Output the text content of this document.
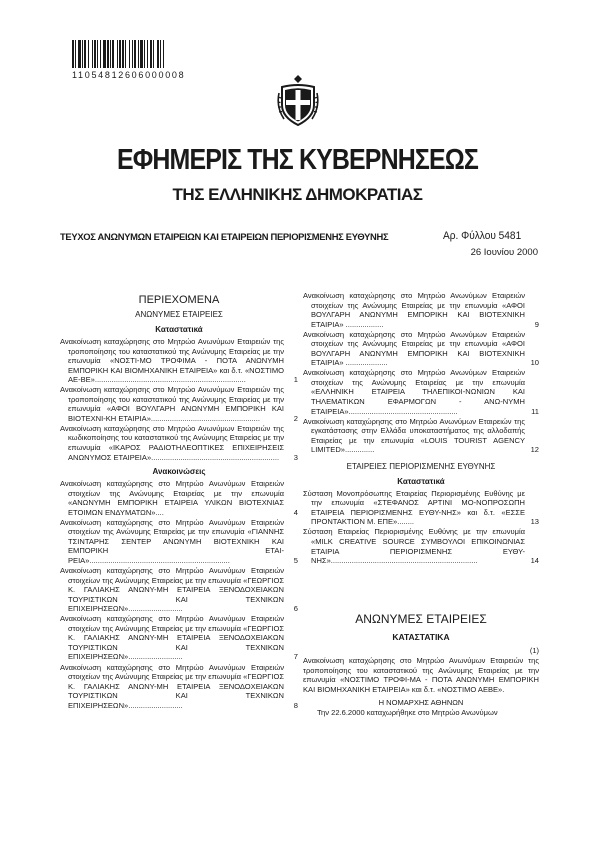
11054812606000008
ΕΦΗΜΕΡΙΣ ΤΗΣ ΚΥΒΕΡΝΗΣΕΩΣ
ΤΗΣ ΕΛΛΗΝΙΚΗΣ ΔΗΜΟΚΡΑΤΙΑΣ
ΤΕΥΧΟΣ ΑΝΩΝΥΜΩΝ ΕΤΑΙΡΕΙΩΝ ΚΑΙ ΕΤΑΙΡΕΙΩΝ ΠΕΡΙΟΡΙΣΜΕΝΗΣ ΕΥΘΥΝΗΣ	Αρ. Φύλλου 5481
26 Ιουνίου 2000
ΠΕΡΙΕΧΟΜΕΝΑ
ΑΝΩΝΥΜΕΣ ΕΤΑΙΡΕΙΕΣ
Καταστατικά
Ανακοίνωση καταχώρησης στο Μητρώο Ανωνύμων Εταιρειών της τροποποίησης του καταστατικού της Ανώνυμης Εταιρείας με την επωνυμία «ΝΟΣΤΙ-ΜΟ ΤΡΟΦΙΜΑ - ΠΟΤΑ ΑΝΩΝΥΜΗ ΕΜΠΟΡΙΚΗ ΚΑΙ ΒΙΟΜΗΧΑΝΙΚΗ ΕΤΑΙΡΕΙΑ» και δ.τ. «ΝΟΣΤΙΜΟ ΑΕ-ΒΕ»........................................................................	1
Ανακοίνωση καταχώρησης στο Μητρώο Ανωνύμων Εταιρειών της τροποποίησης του καταστατικού της Ανώνυμης Εταιρείας με την επωνυμία «ΑΦΟΙ ΒΟΥΛΓΑΡΗ ΑΝΩΝΥΜΗ ΕΜΠΟΡΙΚΗ ΚΑΙ ΒΙΟΤΕΧΝΙ-ΚΗ ΕΤΑΙΡΙΑ»....................................................	2
Ανακοίνωση καταχώρησης στο Μητρώο Ανωνύμων Εταιρειών της κωδικοποίησης του καταστατικού της Ανώνυμης Εταιρείας με την επωνυμία «ΙΚΑΡΟΣ ΡΑΔΙΟΤΗΛΕΟΠΤΙΚΕΣ ΕΠΙΧΕΙΡΗΣΕΙΣ ΑΝΩΝΥΜΟΣ ΕΤΑΙΡΕΙΑ».............................................................	3
Ανακοινώσεις
Ανακοίνωση καταχώρησης στο Μητρώο Ανωνύμων Εταιρειών στοιχείων της Ανώνυμης Εταιρείας με την επωνυμία «ΑΝΩΝΥΜΗ ΕΜΠΟΡΙΚΗ ΕΤΑΙΡΕΙΑ ΥΛΙΚΩΝ ΒΙΟΤΕΧΝΙΑΣ ΕΤΟΙΜΩΝ ΕΝΔΥΜΑΤΩΝ»....	4
Ανακοίνωση καταχώρησης στο Μητρώο Ανωνύμων Εταιρειών στοιχείων της Ανώνυμης Εταιρείας με την επωνυμία «ΓΙΑΝΝΗΣ ΤΣΙΝΤΑΡΗΣ ΣΕΝΤΕΡ ΑΝΩΝΥΜΗ ΒΙΟΤΕΧΝΙΚΗ ΚΑΙ ΕΜΠΟΡΙΚΗ ΕΤΑΙ-ΡΕΙΑ»...................................................................	5
Ανακοίνωση καταχώρησης στο Μητρώο Ανωνύμων Εταιρειών στοιχείων της Ανώνυμης Εταιρείας με την επωνυμία «ΓΕΩΡΓΙΟΣ Κ. ΓΑΛΙΑΚΗΣ ΑΝΩΝΥ-ΜΗ ΕΤΑΙΡΕΙΑ ΞΕΝΟΔΟΧΕΙΑΚΩΝ ΤΟΥΡΙΣΤΙΚΩΝ ΚΑΙ ΤΕΧΝΙΚΩΝ ΕΠΙΧΕΙΡΗΣΕΩΝ»..........................	6
Ανακοίνωση καταχώρησης στο Μητρώο Ανωνύμων Εταιρειών στοιχείων της Ανώνυμης Εταιρείας με την επωνυμία «ΓΕΩΡΓΙΟΣ Κ. ΓΑΛΙΑΚΗΣ ΑΝΩΝΥ-ΜΗ ΕΤΑΙΡΕΙΑ ΞΕΝΟΔΟΧΕΙΑΚΩΝ ΤΟΥΡΙΣΤΙΚΩΝ ΚΑΙ ΤΕΧΝΙΚΩΝ ΕΠΙΧΕΙΡΗΣΕΩΝ»..........................	7
Ανακοίνωση καταχώρησης στο Μητρώο Ανωνύμων Εταιρειών στοιχείων της Ανώνυμης Εταιρείας με την επωνυμία «ΓΕΩΡΓΙΟΣ Κ. ΓΑΛΙΑΚΗΣ ΑΝΩΝΥ-ΜΗ ΕΤΑΙΡΕΙΑ ΞΕΝΟΔΟΧΕΙΑΚΩΝ ΤΟΥΡΙΣΤΙΚΩΝ ΚΑΙ ΤΕΧΝΙΚΩΝ ΕΠΙΧΕΙΡΗΣΕΩΝ»..........................	8
Ανακοίνωση καταχώρησης στο Μητρώο Ανωνύμων Εταιρειών στοιχείων της Ανώνυμης Εταιρείας με την επωνυμία «ΑΦΟΙ ΒΟΥΛΓΑΡΗ ΑΝΩΝΥΜΗ ΕΜΠΟΡΙΚΗ ΚΑΙ ΒΙΟΤΕΧΝΙΚΗ ΕΤΑΙΡΙΑ» ..................	9
Ανακοίνωση καταχώρησης στο Μητρώο Ανωνύμων Εταιρειών στοιχείων της Ανώνυμης Εταιρείας με την επωνυμία «ΑΦΟΙ ΒΟΥΛΓΑΡΗ ΑΝΩΝΥΜΗ ΕΜΠΟΡΙΚΗ ΚΑΙ ΒΙΟΤΕΧΝΙΚΗ ΕΤΑΙΡΙΑ» ....................	10
Ανακοίνωση καταχώρησης στο Μητρώο Ανωνύμων Εταιρειών στοιχείων της Ανώνυμης Εταιρείας με την επωνυμία «ΕΛΛΗΝΙΚΗ ΕΤΑΙΡΕΙΑ ΤΗΛΕΠΙΚΟΙ-ΝΩΝΙΩΝ ΚΑΙ ΤΗΛΕΜΑΤΙΚΩΝ ΕΦΑΡΜΟΓΩΝ - ΑΝΩ-ΝΥΜΗ ΕΤΑΙΡΕΙΑ»....................................................	11
Ανακοίνωση καταχώρησης στο Μητρώο Ανωνύμων Εταιρειών της εγκατάστασης στην Ελλάδα υποκαταστήματος της αλλοδαπής Εταιρείας με την επωνυμία «LOUIS TOURIST AGENCY LIMITED»..............	12
ΕΤΑΙΡΕΙΕΣ ΠΕΡΙΟΡΙΣΜΕΝΗΣ ΕΥΘΥΝΗΣ
Καταστατικά
Σύσταση Μονοπρόσωπης Εταιρείας Περιορισμένης Ευθύνης με την επωνυμία «ΣΤΕΦΑΝΟΣ ΑΡΤΙΝΙ ΜΟ-ΝΟΠΡΟΣΩΠΗ ΕΤΑΙΡΕΙΑ ΠΕΡΙΟΡΙΣΜΕΝΗΣ ΕΥΘΥ-ΝΗΣ» και δ.τ. «ΕΣΣΕ ΠΡΟΝΤΑΚΤΙΟΝ Μ. ΕΠΕ»........	13
Σύσταση Εταιρείας Περιορισμένης Ευθύνης με την επωνυμία «MILK CREATIVE SOURCE ΣΥΜΒΟΥΛΟΙ ΕΠΙΚΟΙΝΩΝΙΑΣ ΕΤΑΙΡΙΑ ΠΕΡΙΟΡΙΣΜΕΝΗΣ ΕΥΘΥ-ΝΗΣ»......................................................................	14
ΑΝΩΝΥΜΕΣ ΕΤΑΙΡΕΙΕΣ
ΚΑΤΑΣΤΑΤΙΚΑ
(1)
Ανακοίνωση καταχώρησης στο Μητρώο Ανωνύμων Εταιρειών της τροποποίησης του καταστατικού της Ανώνυμης Εταιρείας με την επωνυμία «ΝΟΣΤΙΜΟ ΤΡΟΦΙ-ΜΑ - ΠΟΤΑ ΑΝΩΝΥΜΗ ΕΜΠΟΡΙΚΗ ΚΑΙ ΒΙΟΜΗΧΑΝΙΚΗ ΕΤΑΙΡΕΙΑ» και δ.τ. «ΝΟΣΤΙΜΟ ΑΕΒΕ».
Η ΝΟΜΑΡΧΗΣ ΑΘΗΝΩΝ
Την 22.6.2000 καταχωρήθηκε στο Μητρώο Ανωνύμων
